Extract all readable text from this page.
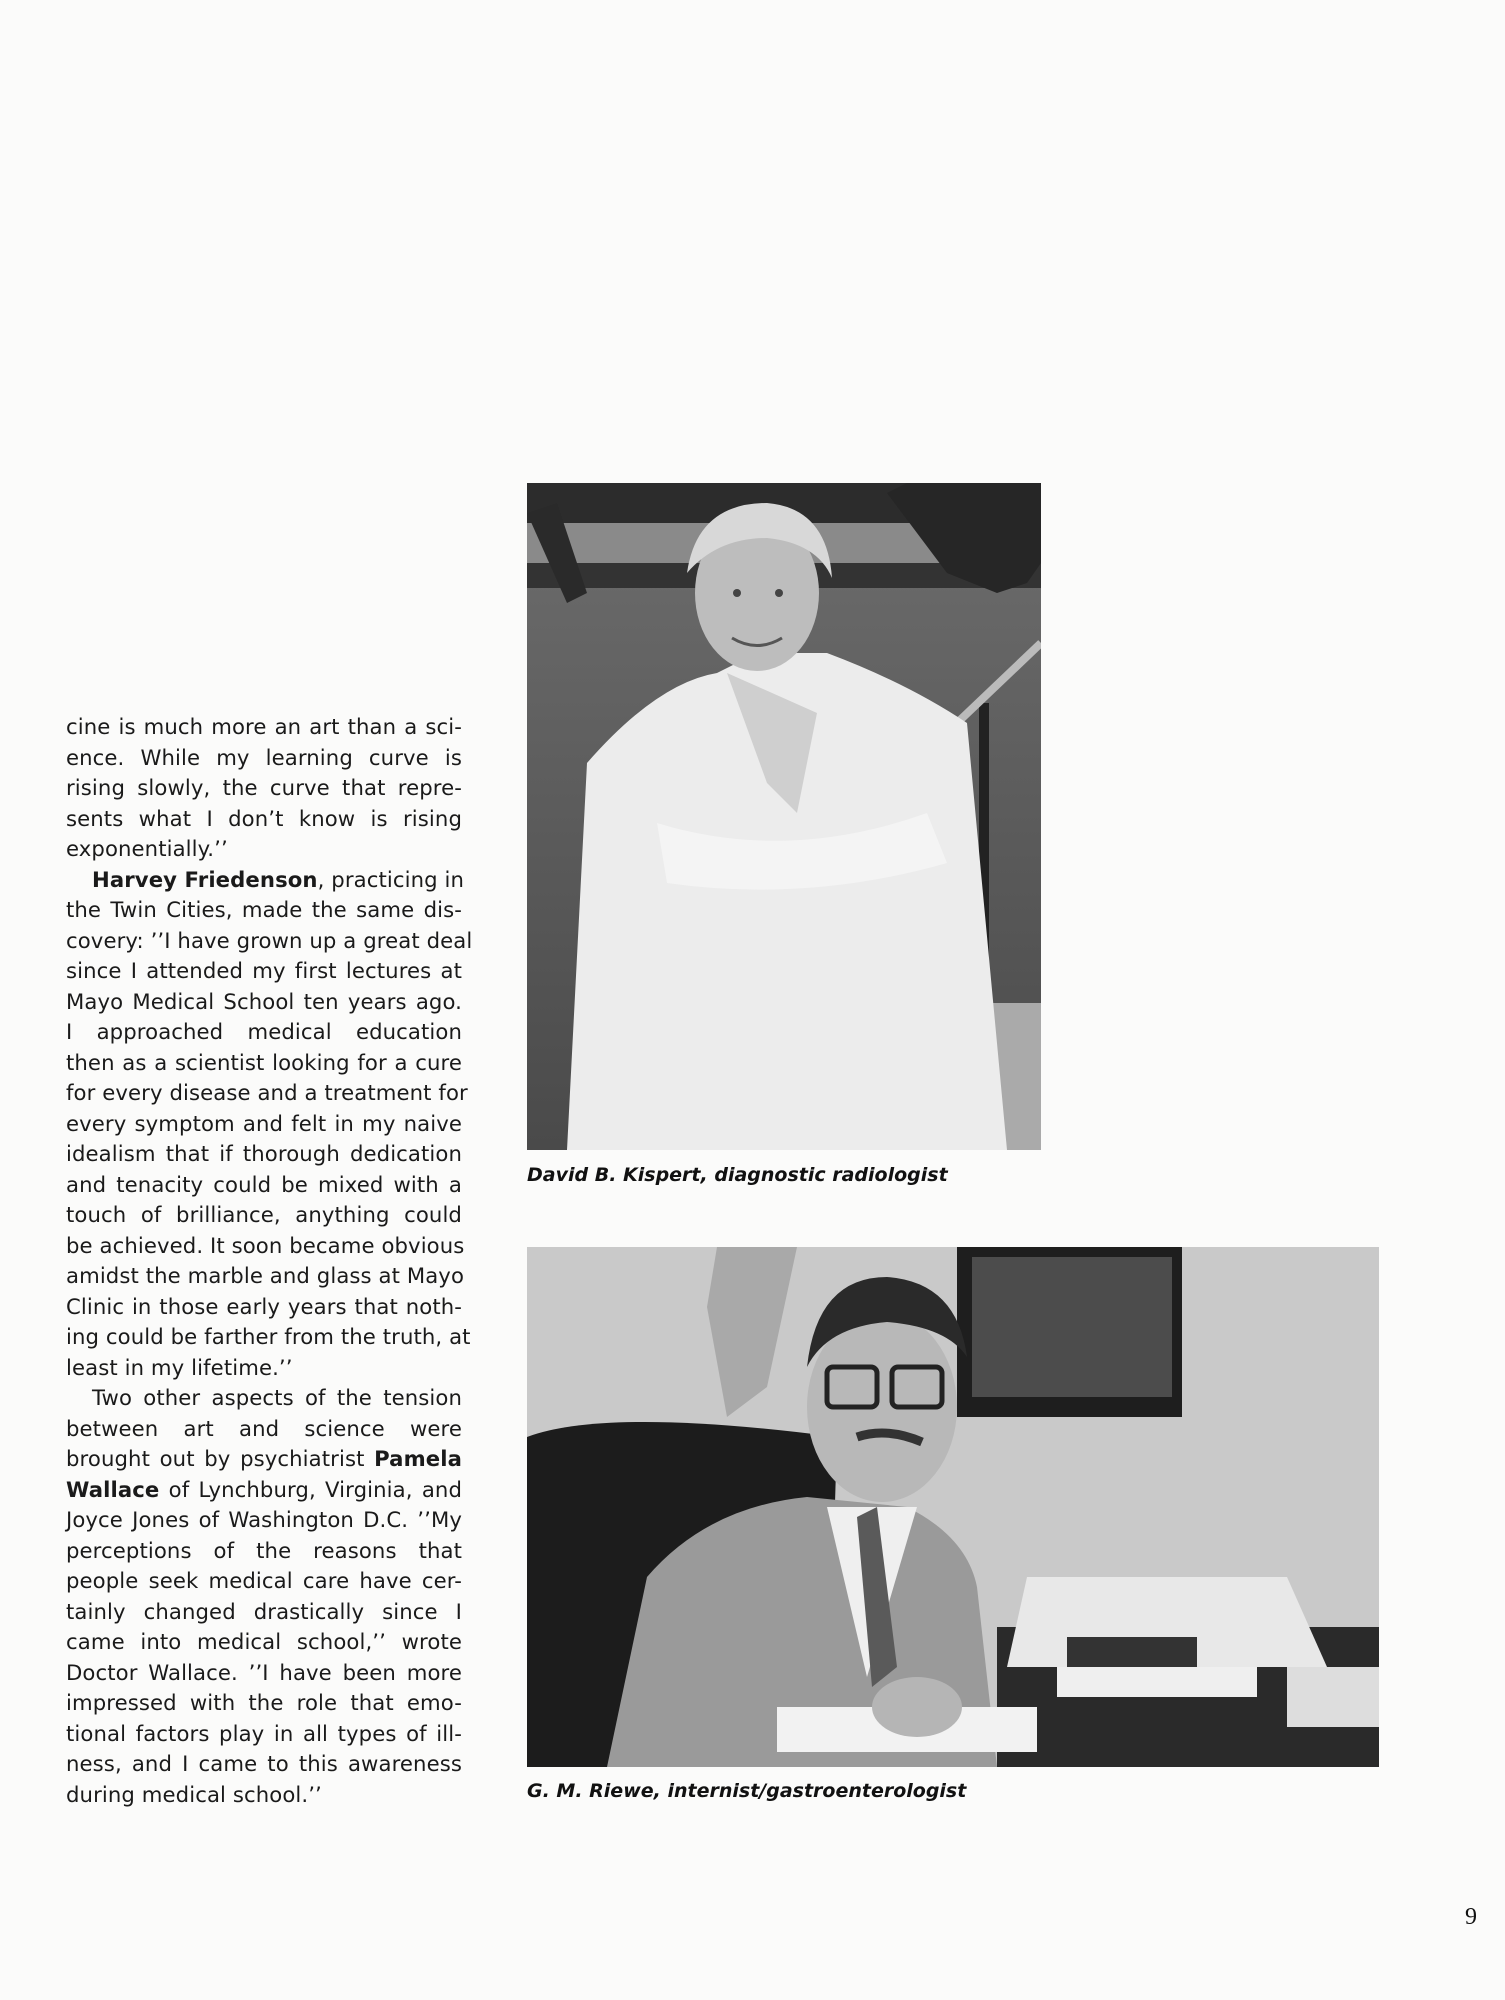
cine is much more an art than a sci-
ence. While my learning curve is
rising slowly, the curve that repre-
sents what I don’t know is rising
exponentially.’’
Harvey Friedenson, practicing in
the Twin Cities, made the same dis-
covery: ’’I have grown up a great deal
since I attended my first lectures at
Mayo Medical School ten years ago.
I approached medical education
then as a scientist looking for a cure
for every disease and a treatment for
every symptom and felt in my naive
idealism that if thorough dedication
and tenacity could be mixed with a
touch of brilliance, anything could
be achieved. It soon became obvious
amidst the marble and glass at Mayo
Clinic in those early years that noth-
ing could be farther from the truth, at
least in my lifetime.’’
Two other aspects of the tension
between art and science were
brought out by psychiatrist Pamela
Wallace of Lynchburg, Virginia, and
Joyce Jones of Washington D.C. ’’My
perceptions of the reasons that
people seek medical care have cer-
tainly changed drastically since I
came into medical school,’’ wrote
Doctor Wallace. ’’I have been more
impressed with the role that emo-
tional factors play in all types of ill-
ness, and I came to this awareness
during medical school.’’
David B. Kispert, diagnostic radiologist
G. M. Riewe, internist/gastroenterologist
9
